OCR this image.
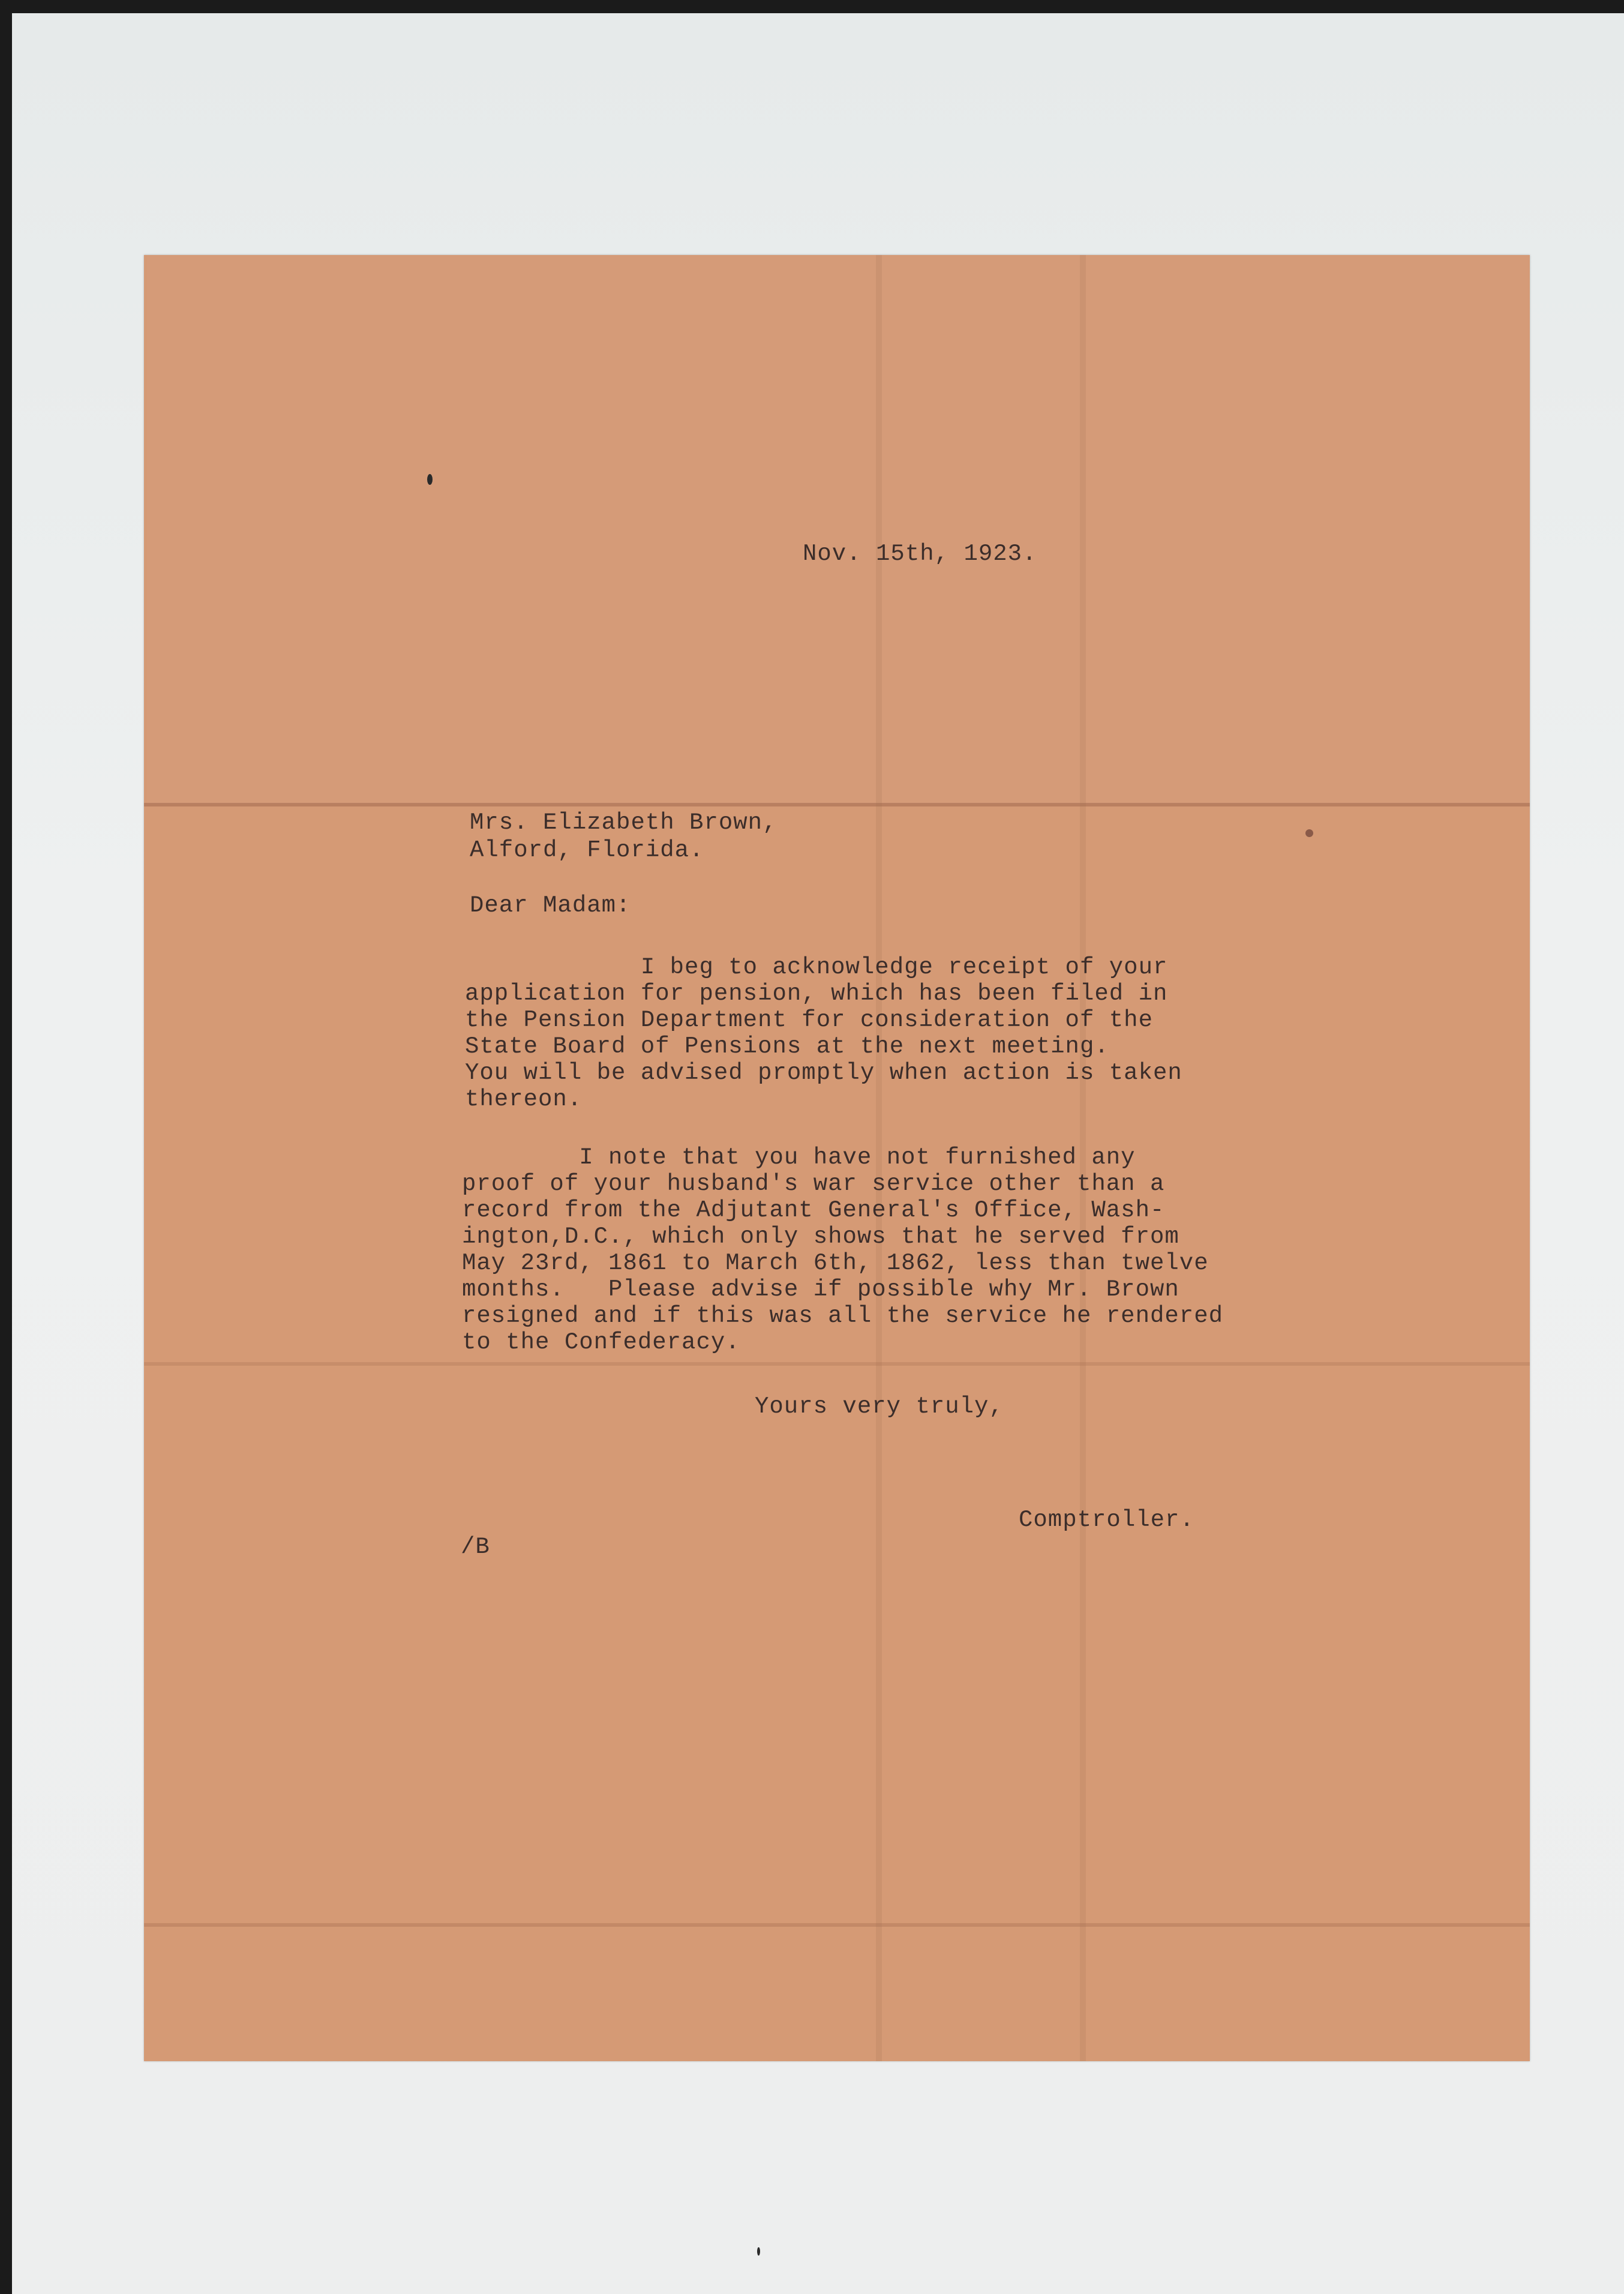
Nov. 15th, 1923.
Mrs. Elizabeth Brown,
Alford, Florida.
Dear Madam:

I beg to acknowledge receipt of your

application for pension, which has been filed in

the Pension Department for consideration of the

State Board of Pensions at the next meeting.

You will be advised promptly when action is taken

thereon.

I note that you have not furnished any

proof of your husband's war service other than a

record from the Adjutant General's Office, Wash-

ington,D.C., which only shows that he served from

May 23rd, 1861 to March 6th, 1862, less than twelve

months.   Please advise if possible why Mr. Brown

resigned and if this was all the service he rendered

to the Confederacy.

Yours very truly,
Comptroller.
/B
